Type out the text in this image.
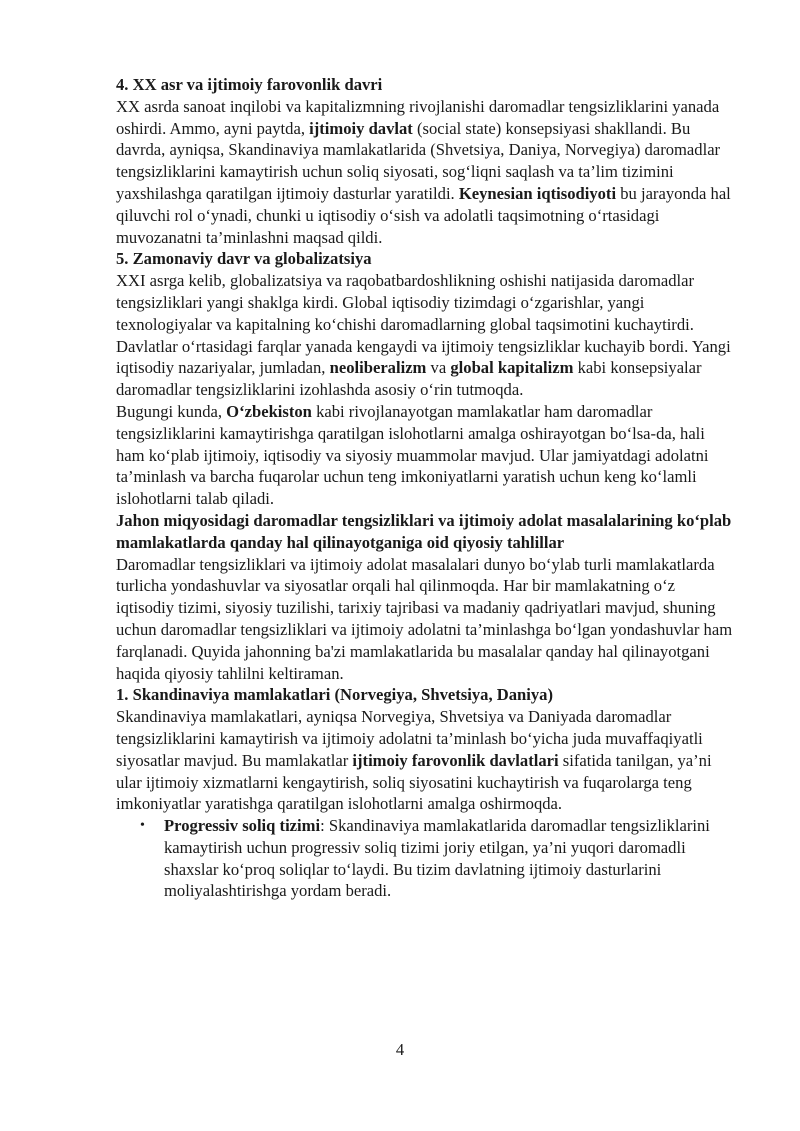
4. XX asr va ijtimoiy farovonlik davri

XX asrda sanoat inqilobi va kapitalizmning rivojlanishi daromadlar tengsizliklarini yanada oshirdi. Ammo, ayni paytda, ijtimoiy davlat (social state) konsepsiyasi shakllandi. Bu davrda, ayniqsa, Skandinaviya mamlakatlarida (Shvetsiya, Daniya, Norvegiya) daromadlar tengsizliklarini kamaytirish uchun soliq siyosati, sog‘liqni saqlash va ta’lim tizimini yaxshilashga qaratilgan ijtimoiy dasturlar yaratildi. Keynesian iqtisodiyoti bu jarayonda hal qiluvchi rol o‘ynadi, chunki u iqtisodiy o‘sish va adolatli taqsimotning o‘rtasidagi muvozanatni ta’minlashni maqsad qildi.

5. Zamonaviy davr va globalizatsiya

XXI asrga kelib, globalizatsiya va raqobatbardoshlikning oshishi natijasida daromadlar tengsizliklari yangi shaklga kirdi. Global iqtisodiy tizimdagi o‘zgarishlar, yangi texnologiyalar va kapitalning ko‘chishi daromadlarning global taqsimotini kuchaytirdi. Davlatlar o‘rtasidagi farqlar yanada kengaydi va ijtimoiy tengsizliklar kuchayib bordi. Yangi iqtisodiy nazariyalar, jumladan, neoliberalizm va global kapitalizm kabi konsepsiyalar daromadlar tengsizliklarini izohlashda asosiy o‘rin tutmoqda.

Bugungi kunda, O‘zbekiston kabi rivojlanayotgan mamlakatlar ham daromadlar tengsizliklarini kamaytirishga qaratilgan islohotlarni amalga oshirayotgan bo‘lsa-da, hali ham ko‘plab ijtimoiy, iqtisodiy va siyosiy muammolar mavjud. Ular jamiyatdagi adolatni ta’minlash va barcha fuqarolar uchun teng imkoniyatlarni yaratish uchun keng ko‘lamli islohotlarni talab qiladi.

Jahon miqyosidagi daromadlar tengsizliklari va ijtimoiy adolat masalalarining ko‘plab mamlakatlarda qanday hal qilinayotganiga oid qiyosiy tahlillar

Daromadlar tengsizliklari va ijtimoiy adolat masalalari dunyo bo‘ylab turli mamlakatlarda turlicha yondashuvlar va siyosatlar orqali hal qilinmoqda. Har bir mamlakatning o‘z iqtisodiy tizimi, siyosiy tuzilishi, tarixiy tajribasi va madaniy qadriyatlari mavjud, shuning uchun daromadlar tengsizliklari va ijtimoiy adolatni ta’minlashga bo‘lgan yondashuvlar ham farqlanadi. Quyida jahonning ba'zi mamlakatlarida bu masalalar qanday hal qilinayotgani haqida qiyosiy tahlilni keltiraman.

1. Skandinaviya mamlakatlari (Norvegiya, Shvetsiya, Daniya)

Skandinaviya mamlakatlari, ayniqsa Norvegiya, Shvetsiya va Daniyada daromadlar tengsizliklarini kamaytirish va ijtimoiy adolatni ta’minlash bo‘yicha juda muvaffaqiyatli siyosatlar mavjud. Bu mamlakatlar ijtimoiy farovonlik davlatlari sifatida tanilgan, ya’ni ular ijtimoiy xizmatlarni kengaytirish, soliq siyosatini kuchaytirish va fuqarolarga teng imkoniyatlar yaratishga qaratilgan islohotlarni amalga oshirmoqda.

• Progressiv soliq tizimi: Skandinaviya mamlakatlarida daromadlar tengsizliklarini kamaytirish uchun progressiv soliq tizimi joriy etilgan, ya’ni yuqori daromadli shaxslar ko‘proq soliqlar to‘laydi. Bu tizim davlatning ijtimoiy dasturlarini moliyalashtirishga yordam beradi.
4
